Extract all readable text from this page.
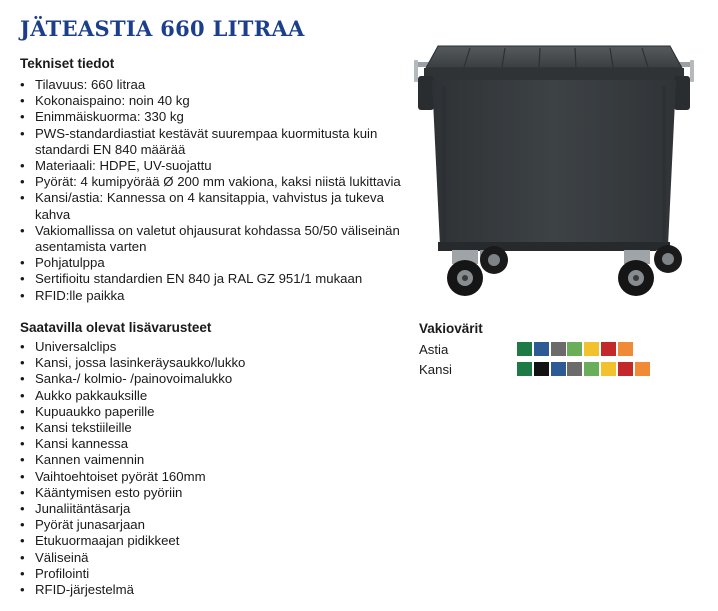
JÄTEASTIA 660 LITRAA
Tekniset tiedot
• Tilavuus: 660 litraa
• Kokonaispaino: noin 40 kg
• Enimmäiskuorma: 330 kg
• PWS-standardiastiat kestävät suurempaa kuormitusta kuin standardi EN 840 määrää
• Materiaali: HDPE, UV-suojattu
• Pyörät: 4 kumipyörää Ø 200 mm vakiona, kaksi niistä lukittavia
• Kansi/astia: Kannessa on 4 kansitappia, vahvistus ja tukeva kahva
• Vakiomallissa on valetut ohjausurat kohdassa 50/50 väliseinän asentamista varten
• Pohjatulppa
• Sertifioitu standardien EN 840 ja RAL GZ 951/1 mukaan
• RFID:lle paikka
Saatavilla olevat lisävarusteet
• Universalclips
• Kansi, jossa lasinkeräysaukko/lukko
• Sanka-/ kolmio- /painovoimalukko
• Aukko pakkauksille
• Kupuaukko paperille
• Kansi tekstiileille
• Kansi kannessa
• Kannen vaimennin
• Vaihtoehtoiset pyörät 160mm
• Kääntymisen esto pyöriin
• Junaliitäntäsarja
• Pyörät junasarjaan
• Etukuormaajan pidikkeet
• Väliseinä
• Profilointi
• RFID-järjestelmä
Vakiovärit
Astia
Kansi
